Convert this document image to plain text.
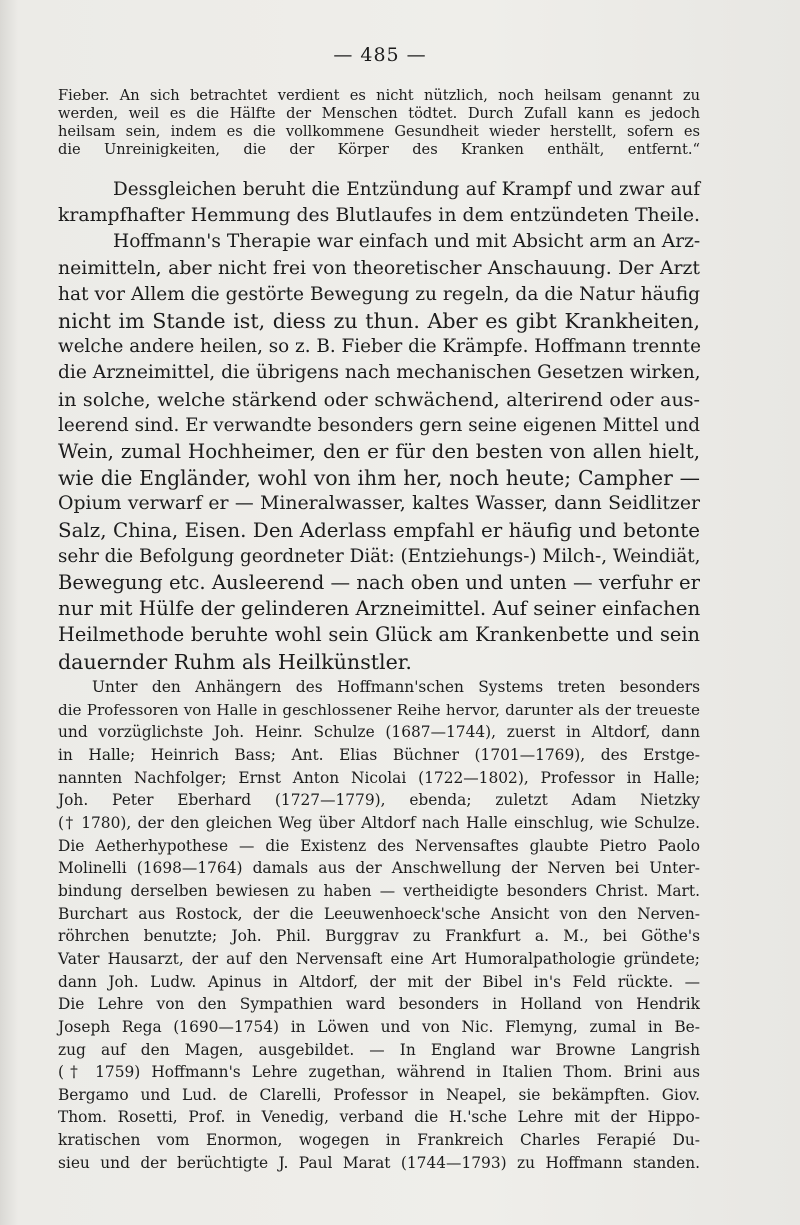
— 485 —
Fieber. An sich betrachtet verdient es nicht nützlich, noch heilsam genannt zu
werden, weil es die Hälfte der Menschen tödtet. Durch Zufall kann es jedoch
heilsam sein, indem es die vollkommene Gesundheit wieder herstellt, sofern es
die Unreinigkeiten, die der Körper des Kranken enthält, entfernt.“
Dessgleichen beruht die Entzündung auf Krampf und zwar auf
krampfhafter Hemmung des Blutlaufes in dem entzündeten Theile.
Hoffmann's Therapie war einfach und mit Absicht arm an Arz-
neimitteln, aber nicht frei von theoretischer Anschauung. Der Arzt
hat vor Allem die gestörte Bewegung zu regeln, da die Natur häufig
nicht im Stande ist, diess zu thun. Aber es gibt Krankheiten,
welche andere heilen, so z. B. Fieber die Krämpfe. Hoffmann trennte
die Arzneimittel, die übrigens nach mechanischen Gesetzen wirken,
in solche, welche stärkend oder schwächend, alterirend oder aus-
leerend sind. Er verwandte besonders gern seine eigenen Mittel und
Wein, zumal Hochheimer, den er für den besten von allen hielt,
wie die Engländer, wohl von ihm her, noch heute; Campher —
Opium verwarf er — Mineralwasser, kaltes Wasser, dann Seidlitzer
Salz, China, Eisen. Den Aderlass empfahl er häufig und betonte
sehr die Befolgung geordneter Diät: (Entziehungs-) Milch-, Weindiät,
Bewegung etc. Ausleerend — nach oben und unten — verfuhr er
nur mit Hülfe der gelinderen Arzneimittel. Auf seiner einfachen
Heilmethode beruhte wohl sein Glück am Krankenbette und sein
dauernder Ruhm als Heilkünstler.
Unter den Anhängern des Hoffmann'schen Systems treten besonders
die Professoren von Halle in geschlossener Reihe hervor, darunter als der treueste
und vorzüglichste Joh. Heinr. Schulze (1687—1744), zuerst in Altdorf, dann
in Halle; Heinrich Bass; Ant. Elias Büchner (1701—1769), des Erstge-
nannten Nachfolger; Ernst Anton Nicolai (1722—1802), Professor in Halle;
Joh. Peter Eberhard (1727—1779), ebenda; zuletzt Adam Nietzky
(† 1780), der den gleichen Weg über Altdorf nach Halle einschlug, wie Schulze.
Die Aetherhypothese — die Existenz des Nervensaftes glaubte Pietro Paolo
Molinelli (1698—1764) damals aus der Anschwellung der Nerven bei Unter-
bindung derselben bewiesen zu haben — vertheidigte besonders Christ. Mart.
Burchart aus Rostock, der die Leeuwenhoeck'sche Ansicht von den Nerven-
röhrchen benutzte; Joh. Phil. Burggrav zu Frankfurt a. M., bei Göthe's
Vater Hausarzt, der auf den Nervensaft eine Art Humoralpathologie gründete;
dann Joh. Ludw. Apinus in Altdorf, der mit der Bibel in's Feld rückte. —
Die Lehre von den Sympathien ward besonders in Holland von Hendrik
Joseph Rega (1690—1754) in Löwen und von Nic. Flemyng, zumal in Be-
zug auf den Magen, ausgebildet. — In England war Browne Langrish
(† 1759) Hoffmann's Lehre zugethan, während in Italien Thom. Brini aus
Bergamo und Lud. de Clarelli, Professor in Neapel, sie bekämpften. Giov.
Thom. Rosetti, Prof. in Venedig, verband die H.'sche Lehre mit der Hippo-
kratischen vom Enormon, wogegen in Frankreich Charles Ferapié Du-
sieu und der berüchtigte J. Paul Marat (1744—1793) zu Hoffmann standen.
